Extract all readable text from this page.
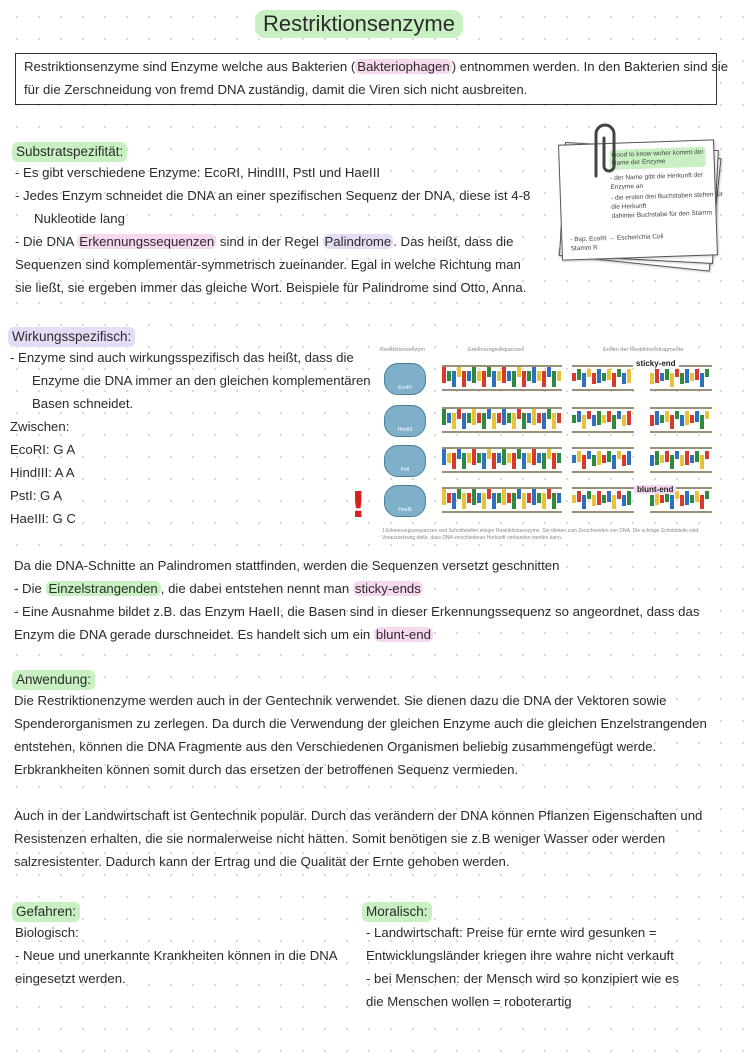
Restriktionsenzyme
Restriktionsenzyme sind Enzyme welche aus Bakterien ( Bakteriophagen ) entnommen werden. In den Bakterien sind sie
für die Zerschneidung von fremd DNA zuständig, damit die Viren sich nicht ausbreiten.
Substratspezifität:
- Es gibt verschiedene Enzyme: EcoRI, HindIII, PstI und HaeIII
- Jedes Enzym schneidet die DNA an einer spezifischen Sequenz der DNA, diese ist 4-8
Nukleotide lang
- Die DNA Erkennungssequenzen sind in der Regel Palindrome . Das heißt, dass die
Sequenzen sind komplementär-symmetrisch zueinander. Egal in welche Richtung man
sie ließt, sie ergeben immer das gleiche Wort. Beispiele für Palindrome sind Otto, Anna.
Good to know woher kommt der
Name der Enzyme
- der Name gibt die Herkunft der
Enzyme an
- die ersten drei Buchstaben stehen für
die Herkunft
dahinter Buchstabe für den Stamm
- Bsp. EcoRI → Escherichia Coli
Stamm R
Wirkungsspezifisch:
- Enzyme sind auch wirkungsspezifisch das heißt, dass die
Enzyme die DNA immer an den gleichen komplementären
Basen schneidet.
Zwischen:
EcoRI: G A
HindIII: A A
PstI: G A
HaeIII: G C	!
Restriktionsenzym	Erkennungssequenzen	Enden der Restriktionsfragmente
EcoRI
HindIII
PstI
HaeIII
sticky-end
blunt-end
1 Erkennungssequenzen und Schnittstellen einiger Restriktionsenzyme. Sie dienen zum Zerschneiden von DNA. Die schräge Schnittstelle sind
Voraussetzung dafür, dass DNA verschiedener Herkunft verbunden werden kann.
Da die DNA-Schnitte an Palindromen stattfinden, werden die Sequenzen versetzt geschnitten
- Die Einzelstrangenden , die dabei entstehen nennt man sticky-ends
- Eine Ausnahme bildet z.B. das Enzym HaeII, die Basen sind in dieser Erkennungssequenz so angeordnet, dass das
Enzym die DNA gerade durschneidet. Es handelt sich um ein blunt-end
Anwendung:
Die Restriktionenzyme werden auch in der Gentechnik verwendet. Sie dienen dazu die DNA der Vektoren sowie
Spenderorganismen zu zerlegen. Da durch die Verwendung der gleichen Enzyme auch die gleichen Enzelstrangenden
entstehen, können die DNA Fragmente aus den Verschiedenen Organismen beliebig zusammengefügt werde.
Erbkrankheiten können somit durch das ersetzen der betroffenen Sequenz vermieden.
Auch in der Landwirtschaft ist Gentechnik populär. Durch das verändern der DNA können Pflanzen Eigenschaften und
Resistenzen erhalten, die sie normalerweise nicht hätten. Somit benötigen sie z.B weniger Wasser oder werden
salzresistenter. Dadurch kann der Ertrag und die Qualität der Ernte gehoben werden.
Gefahren:
Biologisch:
- Neue und unerkannte Krankheiten können in die DNA
eingesetzt werden.
Moralisch:
- Landwirtschaft: Preise für ernte wird gesunken =
Entwicklungsländer kriegen ihre wahre nicht verkauft
- bei Menschen: der Mensch wird so konzipiert wie es
die Menschen wollen = roboterartig
